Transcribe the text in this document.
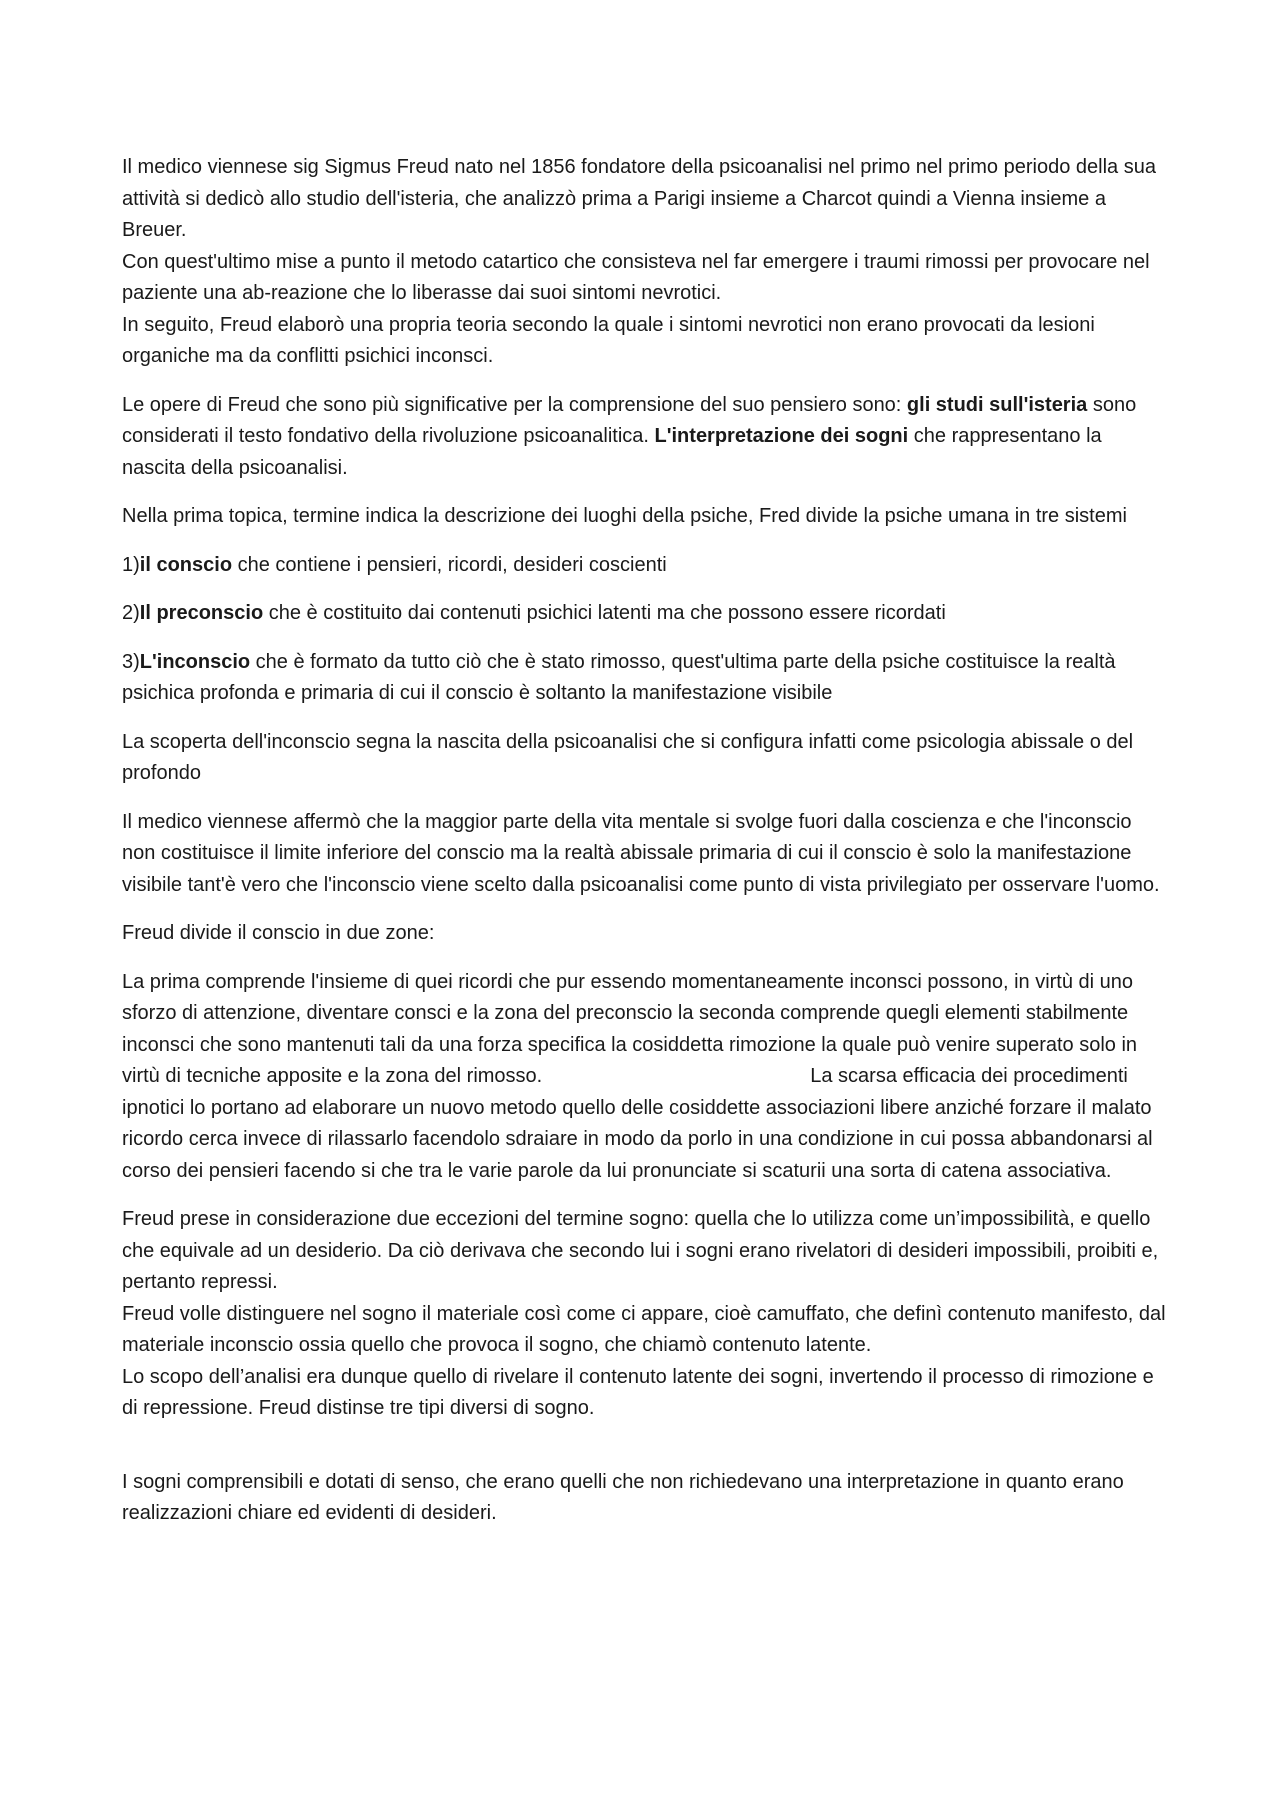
Il medico viennese sig Sigmus Freud nato nel 1856 fondatore della psicoanalisi nel primo nel primo periodo della sua attività si dedicò allo studio dell'isteria, che analizzò prima a Parigi insieme a Charcot quindi a Vienna insieme a Breuer.
Con quest'ultimo mise a punto il metodo catartico che consisteva nel far emergere i traumi rimossi per provocare nel paziente una ab-reazione che lo liberasse dai suoi sintomi nevrotici.
In seguito, Freud elaborò una propria teoria secondo la quale i sintomi nevrotici non erano provocati da lesioni organiche ma da conflitti psichici inconsci.
Le opere di Freud che sono più significative per la comprensione del suo pensiero sono: gli studi sull'isteria sono considerati il testo fondativo della rivoluzione psicoanalitica. L'interpretazione dei sogni che rappresentano la nascita della psicoanalisi.
Nella prima topica, termine indica la descrizione dei luoghi della psiche, Fred divide la psiche umana in tre sistemi
1)il conscio che contiene i pensieri, ricordi, desideri coscienti
2)Il preconscio che è costituito dai contenuti psichici latenti ma che possono essere ricordati
3)L'inconscio che è formato da tutto ciò che è stato rimosso, quest'ultima parte della psiche costituisce la realtà psichica profonda e primaria di cui il conscio è soltanto la manifestazione visibile
La scoperta dell'inconscio segna la nascita della psicoanalisi che si configura infatti come psicologia abissale o del profondo
Il medico viennese affermò che la maggior parte della vita mentale si svolge fuori dalla coscienza e che l'inconscio non costituisce il limite inferiore del conscio ma la realtà abissale primaria di cui il conscio è solo la manifestazione visibile tant'è vero che l'inconscio viene scelto dalla psicoanalisi come punto di vista privilegiato per osservare l'uomo.
Freud divide il conscio in due zone:
La prima comprende l'insieme di quei ricordi che pur essendo momentaneamente inconsci possono, in virtù di uno sforzo di attenzione, diventare consci e la zona del preconscio la seconda comprende quegli elementi stabilmente inconsci che sono mantenuti tali da una forza specifica la cosiddetta rimozione la quale può venire superato solo in virtù di tecniche apposite e la zona del rimosso.	La scarsa efficacia dei procedimenti ipnotici lo portano ad elaborare un nuovo metodo quello delle cosiddette associazioni libere anziché forzare il malato ricordo cerca invece di rilassarlo facendolo sdraiare in modo da porlo in una condizione in cui possa abbandonarsi al corso dei pensieri facendo si che tra le varie parole da lui pronunciate si scaturii una sorta di catena associativa.
Freud prese in considerazione due eccezioni del termine sogno: quella che lo utilizza come un’impossibilità, e quello che equivale ad un desiderio. Da ciò derivava che secondo lui i sogni erano rivelatori di desideri impossibili, proibiti e, pertanto repressi.
Freud volle distinguere nel sogno il materiale così come ci appare, cioè camuffato, che definì contenuto manifesto, dal materiale inconscio ossia quello che provoca il sogno, che chiamò contenuto latente.
Lo scopo dell’analisi era dunque quello di rivelare il contenuto latente dei sogni, invertendo il processo di rimozione e di repressione. Freud distinse tre tipi diversi di sogno.
I sogni comprensibili e dotati di senso, che erano quelli che non richiedevano una interpretazione in quanto erano realizzazioni chiare ed evidenti di desideri.
